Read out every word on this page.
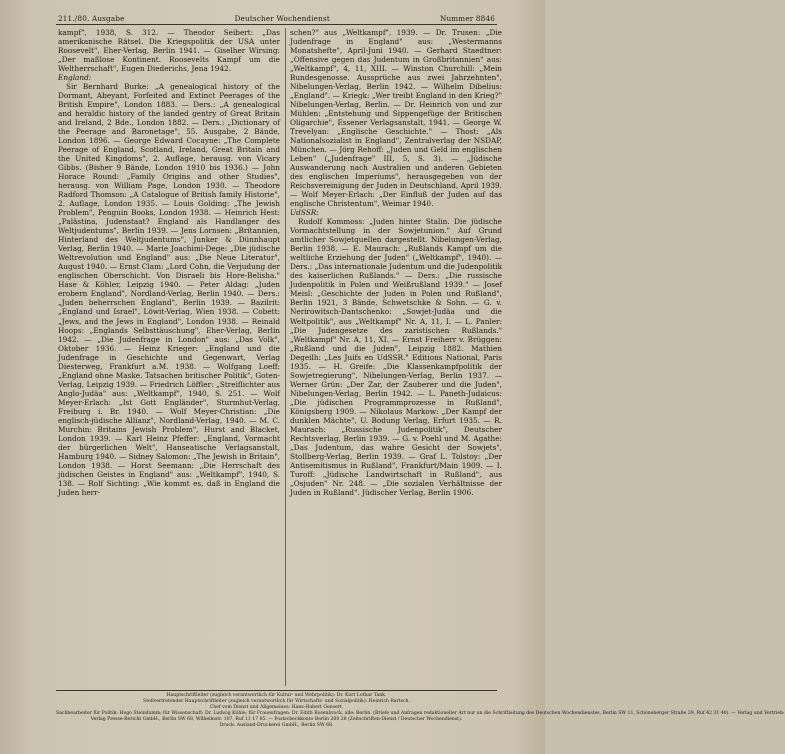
211./80. Ausgabe	Deutscher Wochendienst	Nummer 8846

kampf", 1938, S. 312. — Theodor Seibert: „Das amerikanische Rätsel. Die Kriegspolitik der USA unter Roosevelt", Eher-Verlag, Berlin 1941. — Giselher Wirsing: „Der maßlose Kontinent. Roosevelts Kampf um die Weltherrschaft", Eugen Diederichs, Jena 1942.

England:

Sir Bernhard Burke: „A genealogical history of the Dormant, Abeyant, Forfeited and Extinct Peerages of the British Empire", London 1883. — Ders.: „A genealogical and heraldic history of the landed gentry of Great Britain and Ireland, 2 Bde., London 1882. — Ders.: „Dictionary of the Peerage and Baronetage", 55. Ausgabe, 2 Bände, London 1896. — George Edward Cocayne: „The Complete Peerage of England, Scotland, Ireland, Great Britain and the United Kingdoms", 2. Auflage, herausg. von Vicary Gibbs. (Bisher 9 Bände, London 1910 bis 1936.) — John Horace Round: „Family Origins and other Studies", herausg. von William Page, London 1930. — Theodore Radford Thomson: „A Catalogue of British family Historie", 2. Auflage, London 1935. — Louis Golding: „The Jewish Problem", Penguin Books, London 1938. — Heinrich Hest: „Palästina, Judenstaat? England als Handlanger des Weltjudentums", Berlin 1939. — Jens Lornsen: „Britannien, Hinterland des Weltjudentums", Junker & Dünnhaupt Verlag, Berlin 1940. — Marie Joachimi-Dege: „Die jüdische Weltrevolution und England" aus: „Die Neue Literatur", August 1940. — Ernst Clam: „Lord Cohn, die Verjudung der englischen Oberschicht. Von Disraeli bis Hore-Belisha." Hase & Köhler, Leipzig 1940. — Peter Aldag: „Juden erobern England", Nordland-Verlag, Berlin 1940. — Ders.: „Juden beherrschen England", Berlin 1939. — Bazilrit: „England und Israel", Löwit-Verlag, Wien 1938. — Cobett: „Jews, and the Jews in England", London 1938. — Reinald Hoops: „Englands Selbsttäuschung", Eher-Verlag, Berlin 1942. — „Die Judenfrage in London" aus: „Das Volk", Oktober 1936. — Heinz Krieger: „England und die Judenfrage in Geschichte und Gegenwart, Verlag Diesterweg, Frankfurt a.M. 1938. — Wolfgang Loeff: „England ohne Maske. Tatsachen britischer Politik", Goten-Verlag, Leipzig 1939. — Friedrich Löffler: „Streiflichter aus Anglo-Judäa" aus: „Weltkampf", 1940, S. 251. — Wolf Meyer-Erlach: „Ist Gott Engländer", Sturmhut-Verlag, Freiburg i. Br. 1940. — Wolf Meyer-Christian: „Die englisch-jüdische Allianz", Nordland-Verlag, 1940. — M. C. Murchin: Britains Jewish Problem", Hurst and Blacket, London 1939. — Karl Heinz Pfeffer: „England, Vormacht der bürgerlichen Welt", Hanseatische Verlagsanstalt, Hamburg 1940. — Sidney Salomon: „The Jewish in Britain", London 1938. — Horst Seemann: „Die Herrschaft des jüdischen Geistes in England" aus: „Weltkampf", 1940, S. 138. — Rolf Sichting: „Wie kommt es, daß in England die Juden herr-

schen?" aus „Weltkampf", 1939. — Dr. Trusen: „Die Judenfrage in England" aus: „Westermanns Monatshefte", April-Juni 1940. — Gerhard Staedtner: „Offensive gegen das Judentum in Großbritannien" aus: „Weltkampf", 4, 11, XIII. — Winston Churchill: „Mein Bundesgenosse. Aussprüche aus zwei Jahrzehnten", Nibelungen-Verlag, Berlin 1942. — Wilhelm Dibelius: „England". — Kriegk: „Wer treibt England in den Krieg?" Nibelungen-Verlag, Berlin. — Dr. Heinrich von und zur Mühlen: „Entstehung und Sippengefüge der Britischen Oligarchie", Essener Verlagsanstalt, 1941. — George W. Trevelyan: „Englische Geschichte." — Thost: „Als Nationalsozialist in England", Zentralverlag der NSDAP, München. — Jörg Rehoff: „Juden und Geld im englischen Leben" („Judenfrage" III, 5, S. 3). — „Jüdische Auswanderung nach Australien und anderen Gebieten des englischen Imperiums", herausgegeben von der Reichsvereinigung der Juden in Deutschland, April 1939. — Wolf Meyer-Erlach: „Der Einfluß der Juden auf das englische Christentum", Weimar 1940.

UdSSR:

Rudolf Kommoss: „Juden hinter Stalin. Die jüdische Vormachtstellung in der Sowjetunion." Auf Grund amtlicher Sowjetquellen dargestellt. Nibelungen-Verlag, Berlin 1938. — E. Maurach: „Rußlands Kampf um die weltliche Erziehung der Juden" („Weltkampf", 1940). — Ders.: „Das internationale Judentum und die Judenpolitik des kaiserlichen Rußlands." — Ders.: „Die russische Judenpolitik in Polen und Weißrußland 1939." — Josef Meisl: „Geschichte der Juden in Polen und Rußland", Berlin 1921, 3 Bände, Schwetschke & Sohn. — G. v. Nerirowitsch-Dantschenko: „Sowjet-Judäa und die Weltpolitik", aus „Weltkampf" Nr. A, 11, I. — L. Panler: „Die Judengesetze des zaristischen Rußlands." „Weltkampf" Nr. A, 11, XI. — Ernst Freiherr v. Brüggen: „Rußland und die Juden", Leipzig 1882. Mathien Degeilh: „Les Juifs en UdSSR." Editions National, Paris 1935. — H. Greife: „Die Klassenkampfpolitik der Sowjetregierung", Nibelungen-Verlag, Berlin 1937. — Werner Grün: „Der Zar, der Zauberer und die Juden", Nibelungen-Verlag, Berlin 1942. — L. Paneth-Judaicus: „Die jüdischen Programmprozesse in Rußland", Königsberg 1909. — Nikolaus Markow: „Der Kampf der dunklen Mächte", U. Bodung Verlag, Erfurt 1935. — R. Maurach: „Russische Judenpolitik", Deutscher Rechtsverlag, Berlin 1939. — G. v. Poehl und M. Agathe: „Das Judentum, das wahre Gesicht der Sowjets", Stollberg-Verlag, Berlin 1939. — Graf L. Tolstoy: „Der Antisemitismus in Rußland", Frankfurt/Main 1909. — I. Turoff: „Jüdische Landwirtschaft in Rußland", aus „Osjuden" Nr. 248. — „Die sozialen Verhältnisse der Juden in Rußland". Jüdischer Verlag, Berlin 1906.

Hauptschriftleiter (zugleich verantwortlich für Kultur- und Wehrpolitik): Dr. Kurt Lothar Tank.
Stellvertretender Hauptschriftleiter (zugleich verantwortlich für Wirtschafts- und Sozialpolitik): Heinrich Bartsch.
Chef vom Dienst und Allgemeines: Hans-Hubert Gensert.
Sachbearbeiter für Politik: Hugo Steindamm; für Wissenschaft: Dr. Ludwig Kühle; für Frauenfragen: Dr. Edith Rosenbrock, alle: Berlin. (Briefe und Anfragen redaktioneller Art nur an die Schriftleitung des Deutschen Wochendienstes, Berlin SW 11, Schöneberger Straße 39, Ruf 42 31 40). — Verlag und Vertrieb:
Verlag Presse-Bericht GmbH., Berlin SW 68, Wilhelmstr. 107, Ruf 11 17 85. — Postscheckkonto Berlin 200 28 (Zeitschriften-Dienst / Deutscher Wochendienst).
Druck: Ausland-Druckerei GmbH., Berlin SW 68.
